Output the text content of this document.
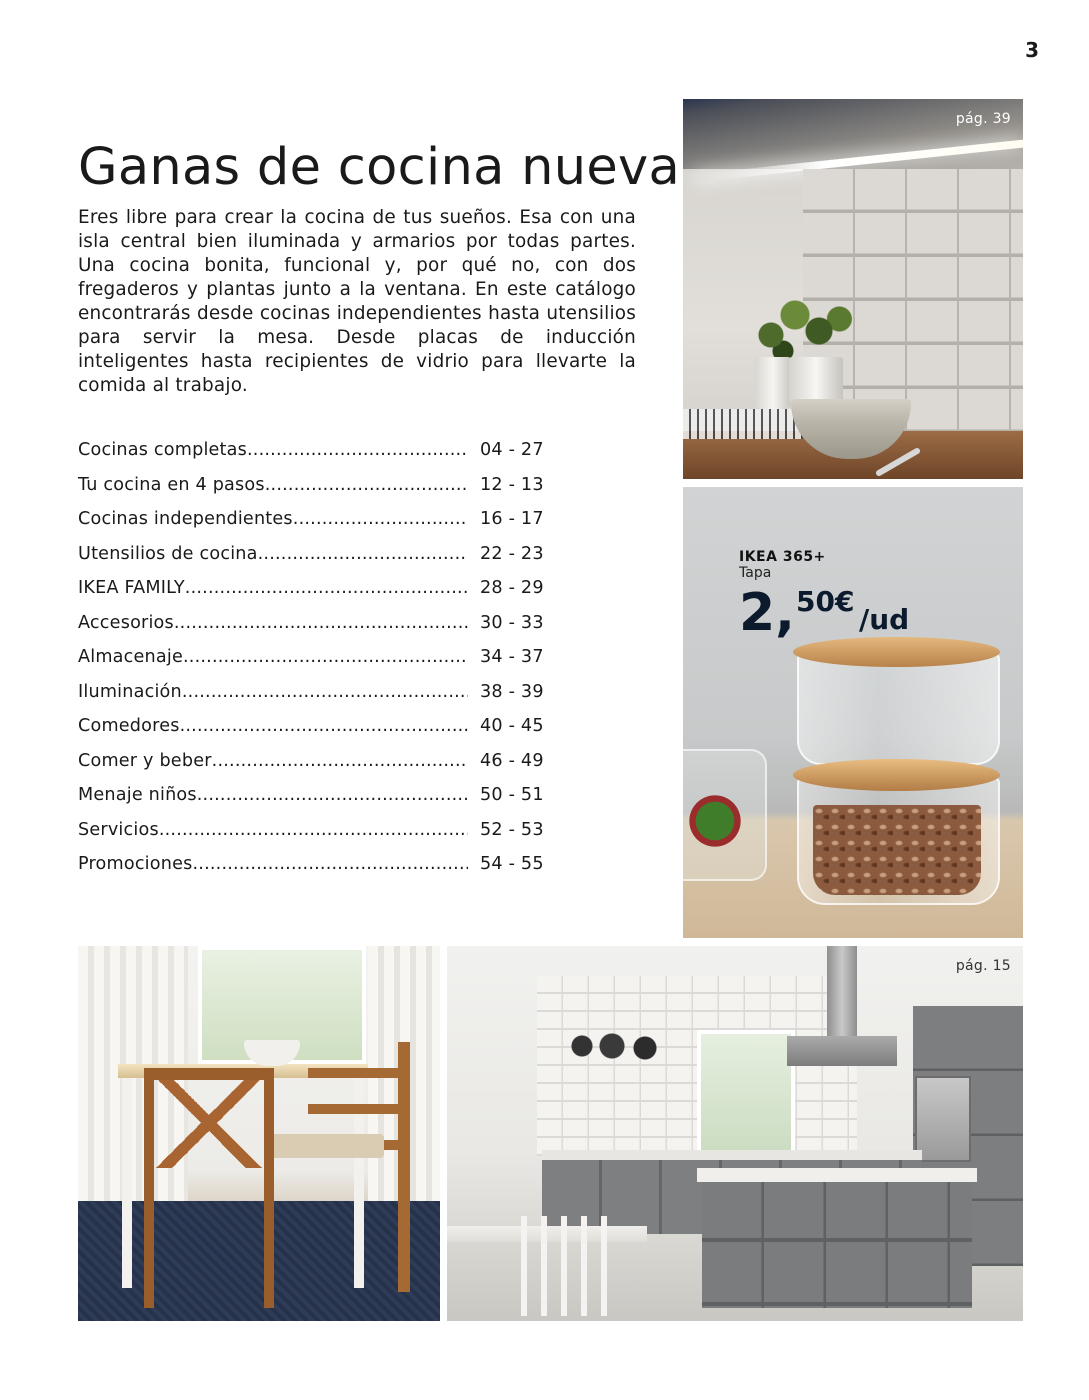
3
Ganas de cocina nueva

Eres libre para crear la cocina de tus sueños. Esa con una isla central bien iluminada y armarios por todas partes. Una cocina bonita, funcional y, por qué no, con dos fregaderos y plantas junto a la ventana. En este catálogo encontrarás desde cocinas independientes hasta utensilios para servir la mesa. Desde placas de inducción inteligentes hasta recipientes de vidrio para llevarte la comida al trabajo.

Cocinas completas .....	04 - 27
Tu cocina en 4 pasos .....	12 - 13
Cocinas independientes .....	16 - 17
Utensilios de cocina .....	22 - 23
IKEA FAMILY .....	28 - 29
Accesorios .....	30 - 33
Almacenaje .....	34 - 37
Iluminación .....	38 - 39
Comedores .....	40 - 45
Comer y beber .....	46 - 49
Menaje niños .....	50 - 51
Servicios .....	52 - 53
Promociones .....	54 - 55
pág. 39
IKEA 365+
Tapa
2, 50€
/ud
pág. 15
